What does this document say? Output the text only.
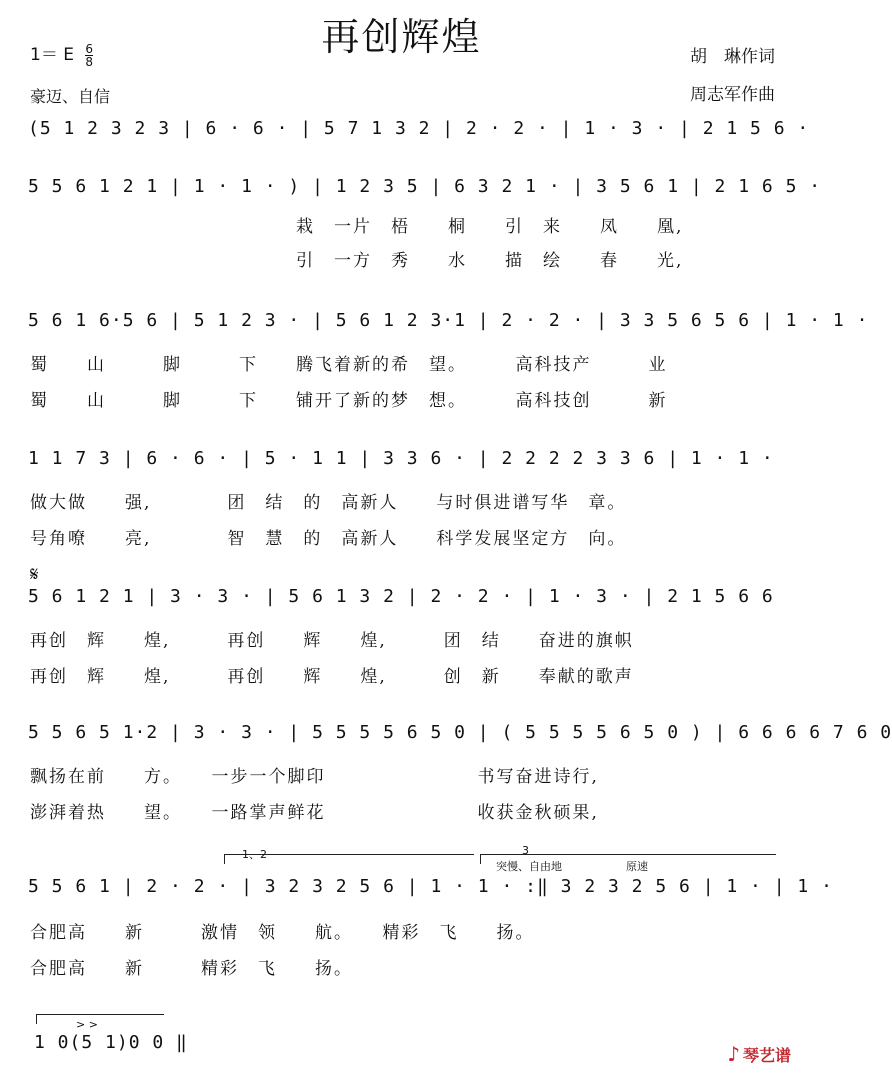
再创辉煌
1＝ E $\frac{6}{8}$
豪迈、自信
胡　琳作词
周志军作曲
(5 1 2 3 2 3 | 6 · 6 · | 5 7 1 3 2 | 2 · 2 · | 1 · 3 · | 2 1 5 6 ·
5 5 6 1 2 1 | 1 · 1 · ) | 1 2 3 5 | 6 3 2 1 · | 3 5 6 1 | 2 1 6 5 ·
栽　一片　梧　　桐　　引　来　　凤　　凰,
引　一方　秀　　水　　描　绘　　春　　光,
5 6 1 6·5 6 | 5 1 2 3 · | 5 6 1 2 3·1 | 2 · 2 · | 3 3 5 6 5 6 | 1 · 1 ·
蜀　　山　　　脚　　　下　　腾飞着新的希　望。　　　高科技产　　　业
蜀　　山　　　脚　　　下　　铺开了新的梦　想。　　　高科技创　　　新
1 1 7 3 | 6 · 6 · | 5 · 1 1 | 3 3 6 · | 2 2 2 2 3 3 6 | 1 · 1 ·
做大做　　强,　　　　团　结　的　高新人　　与时俱进谱写华　章。
号角嘹　　亮,　　　　智　慧　的　高新人　　科学发展坚定方　向。
𝄋
5 6 1 2 1 | 3 · 3 · | 5 6 1 3 2 | 2 · 2 · | 1 · 3 · | 2 1 5 6 6
再创　辉　　煌,　　　再创　　辉　　煌,　　　团　结　　奋进的旗帜
再创　辉　　煌,　　　再创　　辉　　煌,　　　创　新　　奉献的歌声
5 5 6 5 1·2 | 3 · 3 · | 5 5 5 5 6 5 0 | ( 5 5 5 5 6 5 0 ) | 6 6 6 6 7 6 0
飘扬在前　　方。　　一步一个脚印　　　　　　　　书写奋进诗行,
澎湃着热　　望。　　一路掌声鲜花　　　　　　　　收获金秋硕果,
1、2	3
突慢、自由地	原速
5 5 6 1 | 2 · 2 · | 3 2 3 2 5 6 | 1 · 1 · :‖ 3 2 3 2 5 6 | 1 · | 1 ·
合肥高　　新　　　激情　领　　航。　　精彩　飞　　扬。
合肥高　　新　　　精彩　飞　　扬。
> >
1 0(5 1)0 0 ‖	♪ 琴艺谱
